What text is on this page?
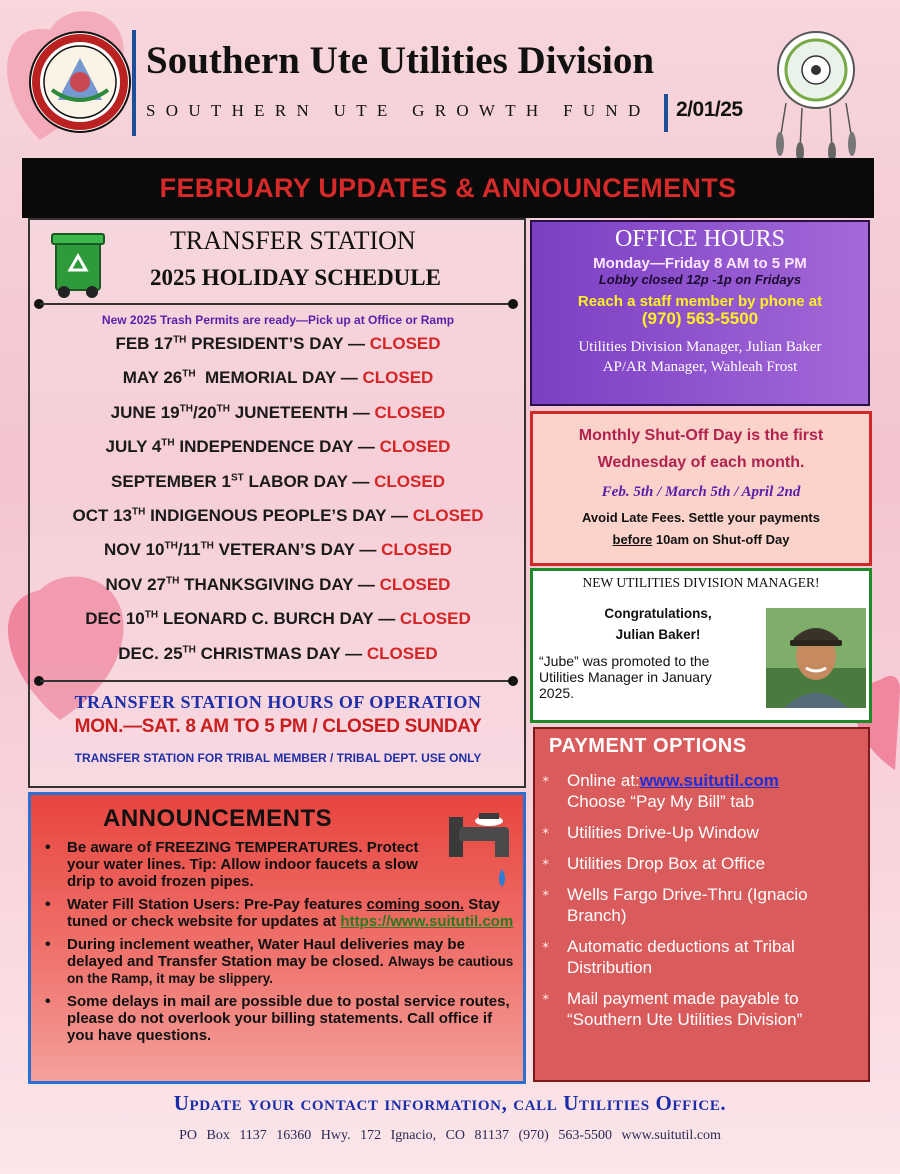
Southern Ute Utilities Division
SOUTHERN UTE GROWTH FUND 2/01/25
FEBRUARY UPDATES & ANNOUNCEMENTS
TRANSFER STATION
2025 HOLIDAY SCHEDULE
New 2025 Trash Permits are ready—Pick up at Office or Ramp
FEB 17TH PRESIDENT’S DAY — CLOSED
MAY 26TH  MEMORIAL DAY — CLOSED
JUNE 19TH/20TH JUNETEENTH — CLOSED
JULY 4TH INDEPENDENCE DAY — CLOSED
SEPTEMBER 1ST LABOR DAY — CLOSED
OCT 13TH INDIGENOUS PEOPLE’S DAY — CLOSED
NOV 10TH/11TH VETERAN’S DAY — CLOSED
NOV 27TH THANKSGIVING DAY — CLOSED
DEC 10TH LEONARD C. BURCH DAY — CLOSED
DEC. 25TH CHRISTMAS DAY — CLOSED
TRANSFER STATION HOURS OF OPERATION
MON.—SAT. 8 AM TO 5 PM / CLOSED SUNDAY
TRANSFER STATION FOR TRIBAL MEMBER / TRIBAL DEPT. USE ONLY
OFFICE HOURS
Monday—Friday 8 AM to 5 PM
Lobby closed 12p -1p on Fridays
Reach a staff member by phone at
(970) 563-5500
Utilities Division Manager, Julian Baker
AP/AR Manager, Wahleah Frost
Monthly Shut-Off Day is the first
Wednesday of each month.
Feb. 5th / March 5th / April 2nd
Avoid Late Fees. Settle your payments
before 10am on Shut-off Day
NEW UTILITIES DIVISION MANAGER!
Congratulations,
Julian Baker!
“Jube” was promoted to the Utilities Manager in January 2025.
PAYMENT OPTIONS
✶ Online at:www.suitutil.com
Choose “Pay My Bill” tab
✶ Utilities Drive-Up Window
✶ Utilities Drop Box at Office
✶ Wells Fargo Drive-Thru (Ignacio Branch)
✶ Automatic deductions at Tribal Distribution
✶ Mail payment made payable to “Southern Ute Utilities Division”
ANNOUNCEMENTS
• Be aware of FREEZING TEMPERATURES. Protect your water lines. Tip: Allow indoor faucets a slow drip to avoid frozen pipes.
• Water Fill Station Users: Pre-Pay features coming soon. Stay tuned or check website for updates at https://www.suitutil.com
• During inclement weather, Water Haul deliveries may be delayed and Transfer Station may be closed. Always be cautious on the Ramp, it may be slippery.
• Some delays in mail are possible due to postal service routes, please do not overlook your billing statements. Call office if you have questions.
Update your contact information, call Utilities Office.
PO Box 1137 16360 Hwy. 172 Ignacio, CO 81137 (970) 563-5500 www.suitutil.com
